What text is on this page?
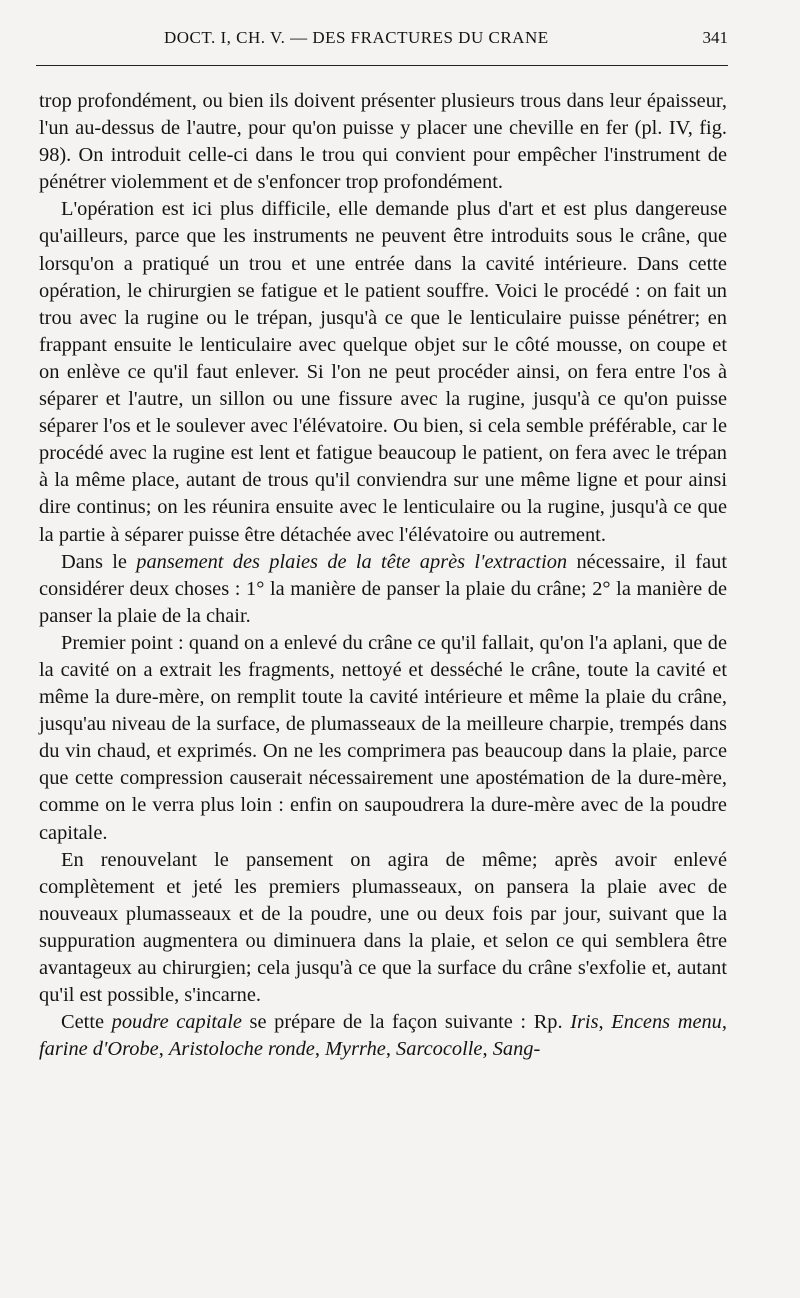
DOCT. I, CH. V. — DES FRACTURES DU CRANE	341

trop profondément, ou bien ils doivent présenter plusieurs trous dans leur épaisseur, l'un au-dessus de l'autre, pour qu'on puisse y placer une cheville en fer (pl. IV, fig. 98). On introduit celle-ci dans le trou qui convient pour empêcher l'instrument de pénétrer violemment et de s'enfoncer trop profondément.

L'opération est ici plus difficile, elle demande plus d'art et est plus dangereuse qu'ailleurs, parce que les instruments ne peuvent être introduits sous le crâne, que lorsqu'on a pratiqué un trou et une entrée dans la cavité intérieure. Dans cette opération, le chirurgien se fatigue et le patient souffre. Voici le procédé : on fait un trou avec la rugine ou le trépan, jusqu'à ce que le lenticulaire puisse pénétrer; en frappant ensuite le lenticulaire avec quelque objet sur le côté mousse, on coupe et on enlève ce qu'il faut enlever. Si l'on ne peut procéder ainsi, on fera entre l'os à séparer et l'autre, un sillon ou une fissure avec la rugine, jusqu'à ce qu'on puisse séparer l'os et le soulever avec l'élévatoire. Ou bien, si cela semble préférable, car le procédé avec la rugine est lent et fatigue beaucoup le patient, on fera avec le trépan à la même place, autant de trous qu'il conviendra sur une même ligne et pour ainsi dire continus; on les réunira ensuite avec le lenticulaire ou la rugine, jusqu'à ce que la partie à séparer puisse être détachée avec l'élévatoire ou autrement.

Dans le pansement des plaies de la tête après l'extraction nécessaire, il faut considérer deux choses : 1° la manière de panser la plaie du crâne; 2° la manière de panser la plaie de la chair.

Premier point : quand on a enlevé du crâne ce qu'il fallait, qu'on l'a aplani, que de la cavité on a extrait les fragments, nettoyé et desséché le crâne, toute la cavité et même la dure-mère, on remplit toute la cavité intérieure et même la plaie du crâne, jusqu'au niveau de la surface, de plumasseaux de la meilleure charpie, trempés dans du vin chaud, et exprimés. On ne les comprimera pas beaucoup dans la plaie, parce que cette compression causerait nécessairement une apostémation de la dure-mère, comme on le verra plus loin : enfin on saupoudrera la dure-mère avec de la poudre capitale.

En renouvelant le pansement on agira de même; après avoir enlevé complètement et jeté les premiers plumasseaux, on pansera la plaie avec de nouveaux plumasseaux et de la poudre, une ou deux fois par jour, suivant que la suppuration augmentera ou diminuera dans la plaie, et selon ce qui semblera être avantageux au chirurgien; cela jusqu'à ce que la surface du crâne s'exfolie et, autant qu'il est possible, s'incarne.

Cette poudre capitale se prépare de la façon suivante : Rp. Iris, Encens menu, farine d'Orobe, Aristoloche ronde, Myrrhe, Sarcocolle, Sang-
